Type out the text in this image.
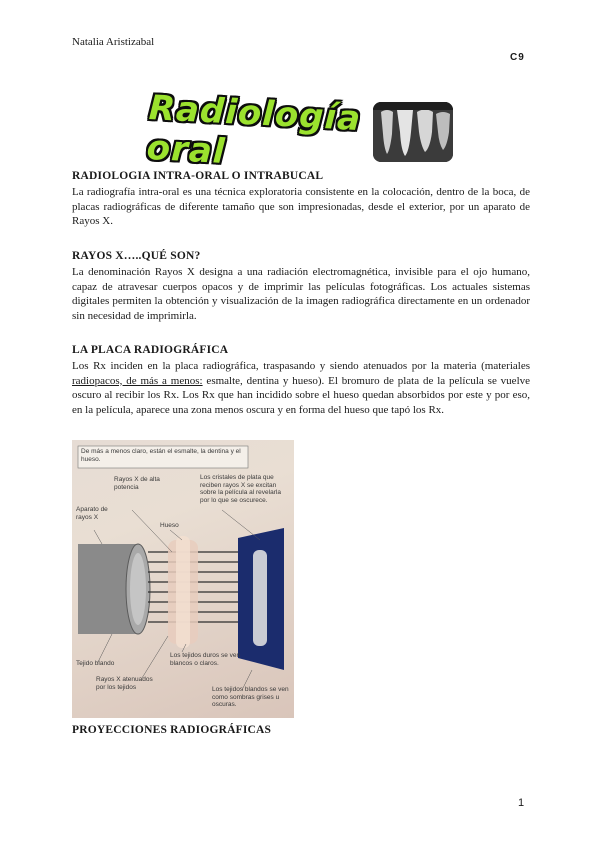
Natalia Aristizabal
C9
Radiología oral
RADIOLOGIA INTRA-ORAL O INTRABUCAL

La radiografía intra-oral es una técnica exploratoria consistente en la colocación, dentro de la boca, de placas radiográficas de diferente tamaño que son impresionadas, desde el exterior, por un aparato de Rayos X.

RAYOS X…..QUÉ SON?

La denominación Rayos X designa a una radiación electromagnética, invisible para el ojo humano, capaz de atravesar cuerpos opacos y de imprimir las películas fotográficas. Los actuales sistemas digitales permiten la obtención y visualización de la imagen radiográfica directamente en un ordenador sin necesidad de imprimirla.

LA PLACA RADIOGRÁFICA

Los Rx inciden en la placa radiográfica, traspasando y siendo atenuados por la materia (materiales radiopacos, de más a menos: esmalte, dentina y hueso). El bromuro de plata de la película se vuelve oscuro al recibir los Rx. Los Rx que han incidido sobre el hueso quedan absorbidos por este y por eso, en la película, aparece una zona menos oscura y en forma del hueso que tapó los Rx.

De más a menos claro, están el esmalte, la dentina y el hueso.
Rayos X de alta potencia
Aparato de rayos X
Los cristales de plata que reciben rayos X se excitan sobre la película al revelarla por lo que se oscurece.
Hueso
Tejido blando
Los tejidos duros se ven blancos o claros.
Rayos X atenuados por los tejidos	Los tejidos blandos se ven como sombras grises u oscuras.
PROYECCIONES RADIOGRÁFICAS
1
